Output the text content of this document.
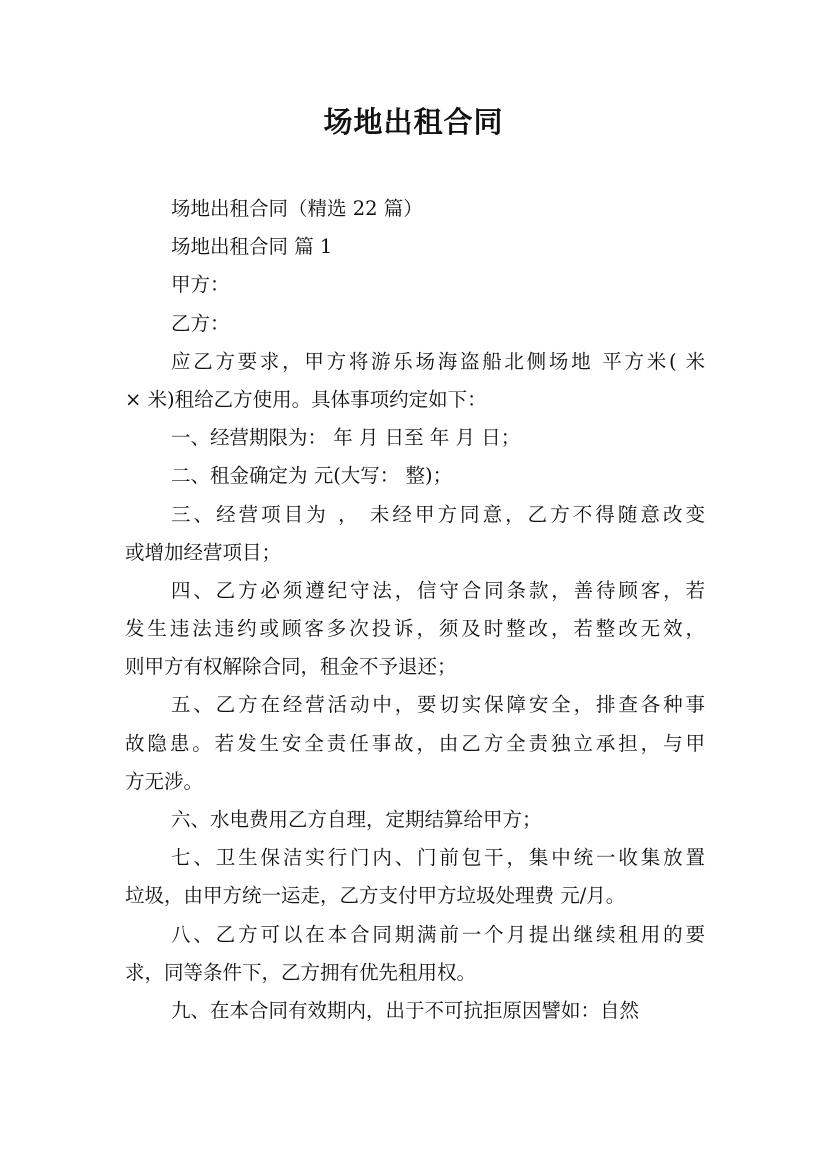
场地出租合同
场地出租合同（精选 22 篇）
场地出租合同 篇 1
甲方：
乙方：
应乙方要求，甲方将游乐场海盗船北侧场地 平方米( 米
× 米)租给乙方使用。具体事项约定如下：
一、经营期限为： 年 月 日至 年 月 日；
二、租金确定为 元(大写： 整)；
三、经营项目为 ， 未经甲方同意，乙方不得随意改变
或增加经营项目；
四、乙方必须遵纪守法，信守合同条款，善待顾客，若
发生违法违约或顾客多次投诉，须及时整改，若整改无效，
则甲方有权解除合同，租金不予退还；
五、乙方在经营活动中，要切实保障安全，排查各种事
故隐患。若发生安全责任事故，由乙方全责独立承担，与甲
方无涉。
六、水电费用乙方自理，定期结算给甲方；
七、卫生保洁实行门内、门前包干，集中统一收集放置
垃圾，由甲方统一运走，乙方支付甲方垃圾处理费 元/月。
八、乙方可以在本合同期满前一个月提出继续租用的要
求，同等条件下，乙方拥有优先租用权。
九、在本合同有效期内，出于不可抗拒原因譬如：自然
